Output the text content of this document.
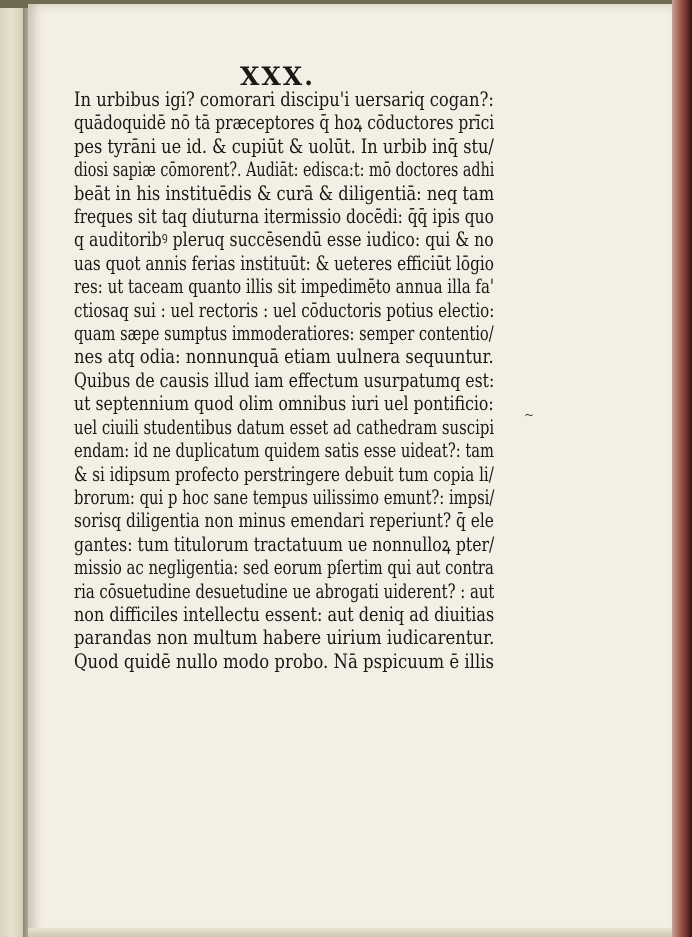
XXX.
In urbibus igi? comorari discipu'i uersariq cogan?:
quādoquidē nō tā præceptores q̄ hoꝝ cōductores prīci
pes tyrāni ue id. & cupiūt & uolūt. In urbib inq̄ stu/
diosi sapiæ cōmorent?. Audiāt: edisca:t: mō doctores adhi
beāt in his instituēdis & curā & diligentiā: neq tam
freques sit taq diuturna itermissio docēdi: q̄q̄ ipis quo
q auditoribꝰ pleruq succēsendū esse iudico: qui & no
uas quot annis ferias instituūt: & ueteres efficiūt lōgio
res: ut taceam quanto illis sit impedimēto annua illa fa'
ctiosaq sui : uel rectoris : uel cōductoris potius electio:
quam sæpe sumptus immoderatiores: semper contentio/
nes atq odia: nonnunquā etiam uulnera sequuntur.
Quibus de causis illud iam effectum usurpatumq est:
ut septennium quod olim omnibus iuri uel pontificio:
uel ciuili studentibus datum esset ad cathedram suscipi
endam: id ne duplicatum quidem satis esse uideat?: tam
& si idipsum profecto perstringere debuit tum copia li/
brorum: qui p hoc sane tempus uilissimo emunt?: impsi/
sorisq diligentia non minus emendari reperiunt? q̄ ele
gantes: tum titulorum tractatuum ue nonnulloꝝ pter/
missio ac negligentia: sed eorum pſertim qui aut contra
ria cōsuetudine desuetudine ue abrogati uiderent? : aut
non difficiles intellectu essent: aut deniq ad diuitias
parandas non multum habere uirium iudicarentur.
Quod quidē nullo modo probo. Nā pspicuum ē illis
~
